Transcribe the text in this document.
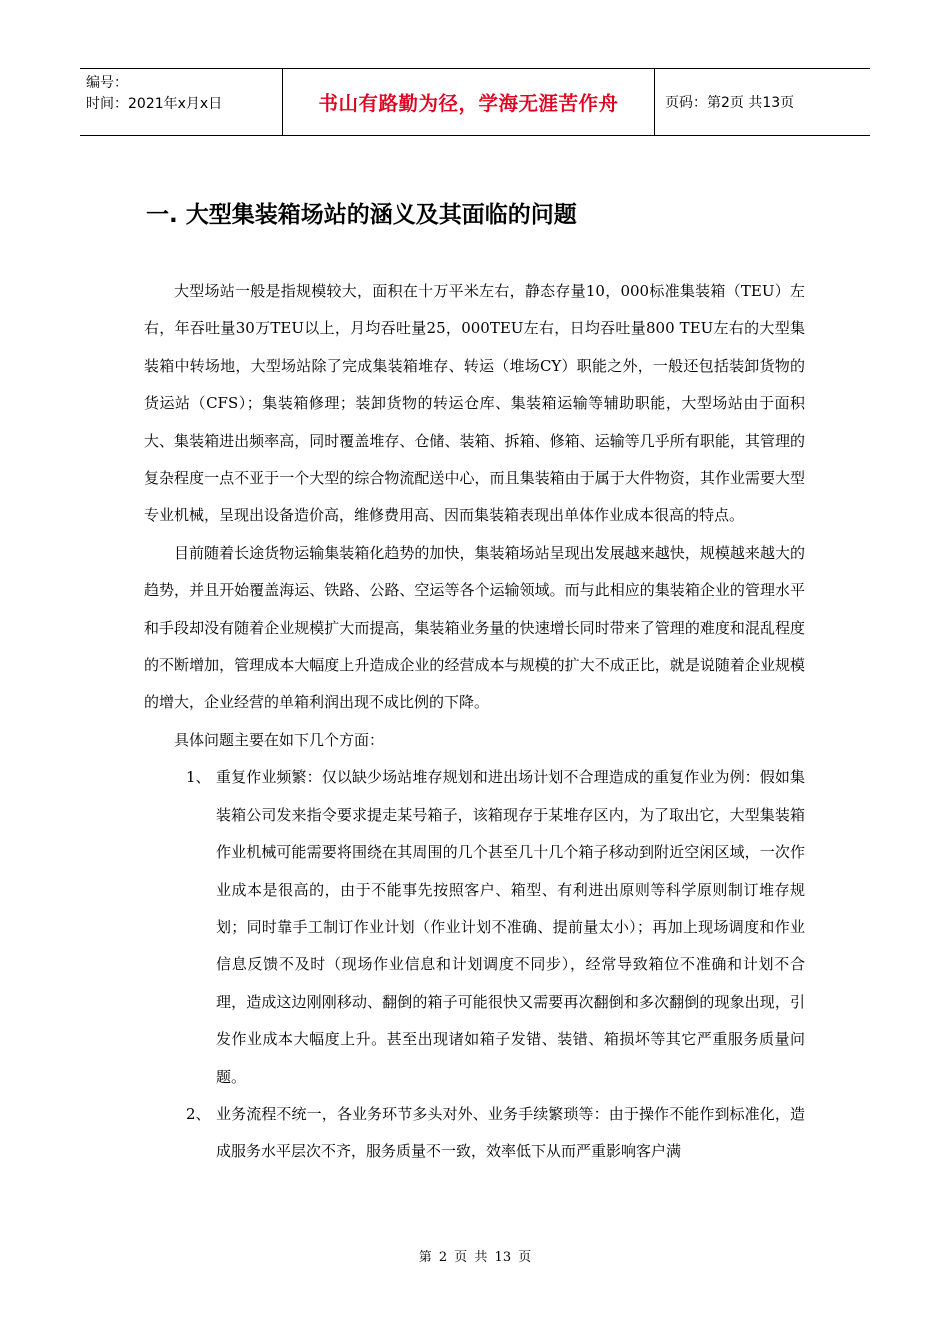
编号：
时间：2021年x月x日	书山有路勤为径，学海无涯苦作舟	页码：第2页 共13页
一. 大型集装箱场站的涵义及其面临的问题

大型场站一般是指规模较大，面积在十万平米左右，静态存量10，000标准集装箱（TEU）左右，年吞吐量30万TEU以上，月均吞吐量25，000TEU左右，日均吞吐量800 TEU左右的大型集装箱中转场地，大型场站除了完成集装箱堆存、转运（堆场CY）职能之外，一般还包括装卸货物的货运站（CFS）；集装箱修理；装卸货物的转运仓库、集装箱运输等辅助职能，大型场站由于面积大、集装箱进出频率高，同时覆盖堆存、仓储、装箱、拆箱、修箱、运输等几乎所有职能，其管理的复杂程度一点不亚于一个大型的综合物流配送中心，而且集装箱由于属于大件物资，其作业需要大型专业机械，呈现出设备造价高，维修费用高、因而集装箱表现出单体作业成本很高的特点。

目前随着长途货物运输集装箱化趋势的加快，集装箱场站呈现出发展越来越快，规模越来越大的趋势，并且开始覆盖海运、铁路、公路、空运等各个运输领域。而与此相应的集装箱企业的管理水平和手段却没有随着企业规模扩大而提高，集装箱业务量的快速增长同时带来了管理的难度和混乱程度的不断增加，管理成本大幅度上升造成企业的经营成本与规模的扩大不成正比，就是说随着企业规模的增大，企业经营的单箱利润出现不成比例的下降。

具体问题主要在如下几个方面：

1、 重复作业频繁：仅以缺少场站堆存规划和进出场计划不合理造成的重复作业为例：假如集装箱公司发来指令要求提走某号箱子，该箱现存于某堆存区内，为了取出它，大型集装箱作业机械可能需要将围绕在其周围的几个甚至几十几个箱子移动到附近空闲区域，一次作业成本是很高的，由于不能事先按照客户、箱型、有利进出原则等科学原则制订堆存规划；同时靠手工制订作业计划（作业计划不准确、提前量太小）；再加上现场调度和作业信息反馈不及时（现场作业信息和计划调度不同步），经常导致箱位不准确和计划不合理，造成这边刚刚移动、翻倒的箱子可能很快又需要再次翻倒和多次翻倒的现象出现，引发作业成本大幅度上升。甚至出现诸如箱子发错、装错、箱损坏等其它严重服务质量问题。
2、 业务流程不统一，各业务环节多头对外、业务手续繁琐等：由于操作不能作到标准化，造成服务水平层次不齐，服务质量不一致，效率低下从而严重影响客户满
第 2 页 共 13 页
